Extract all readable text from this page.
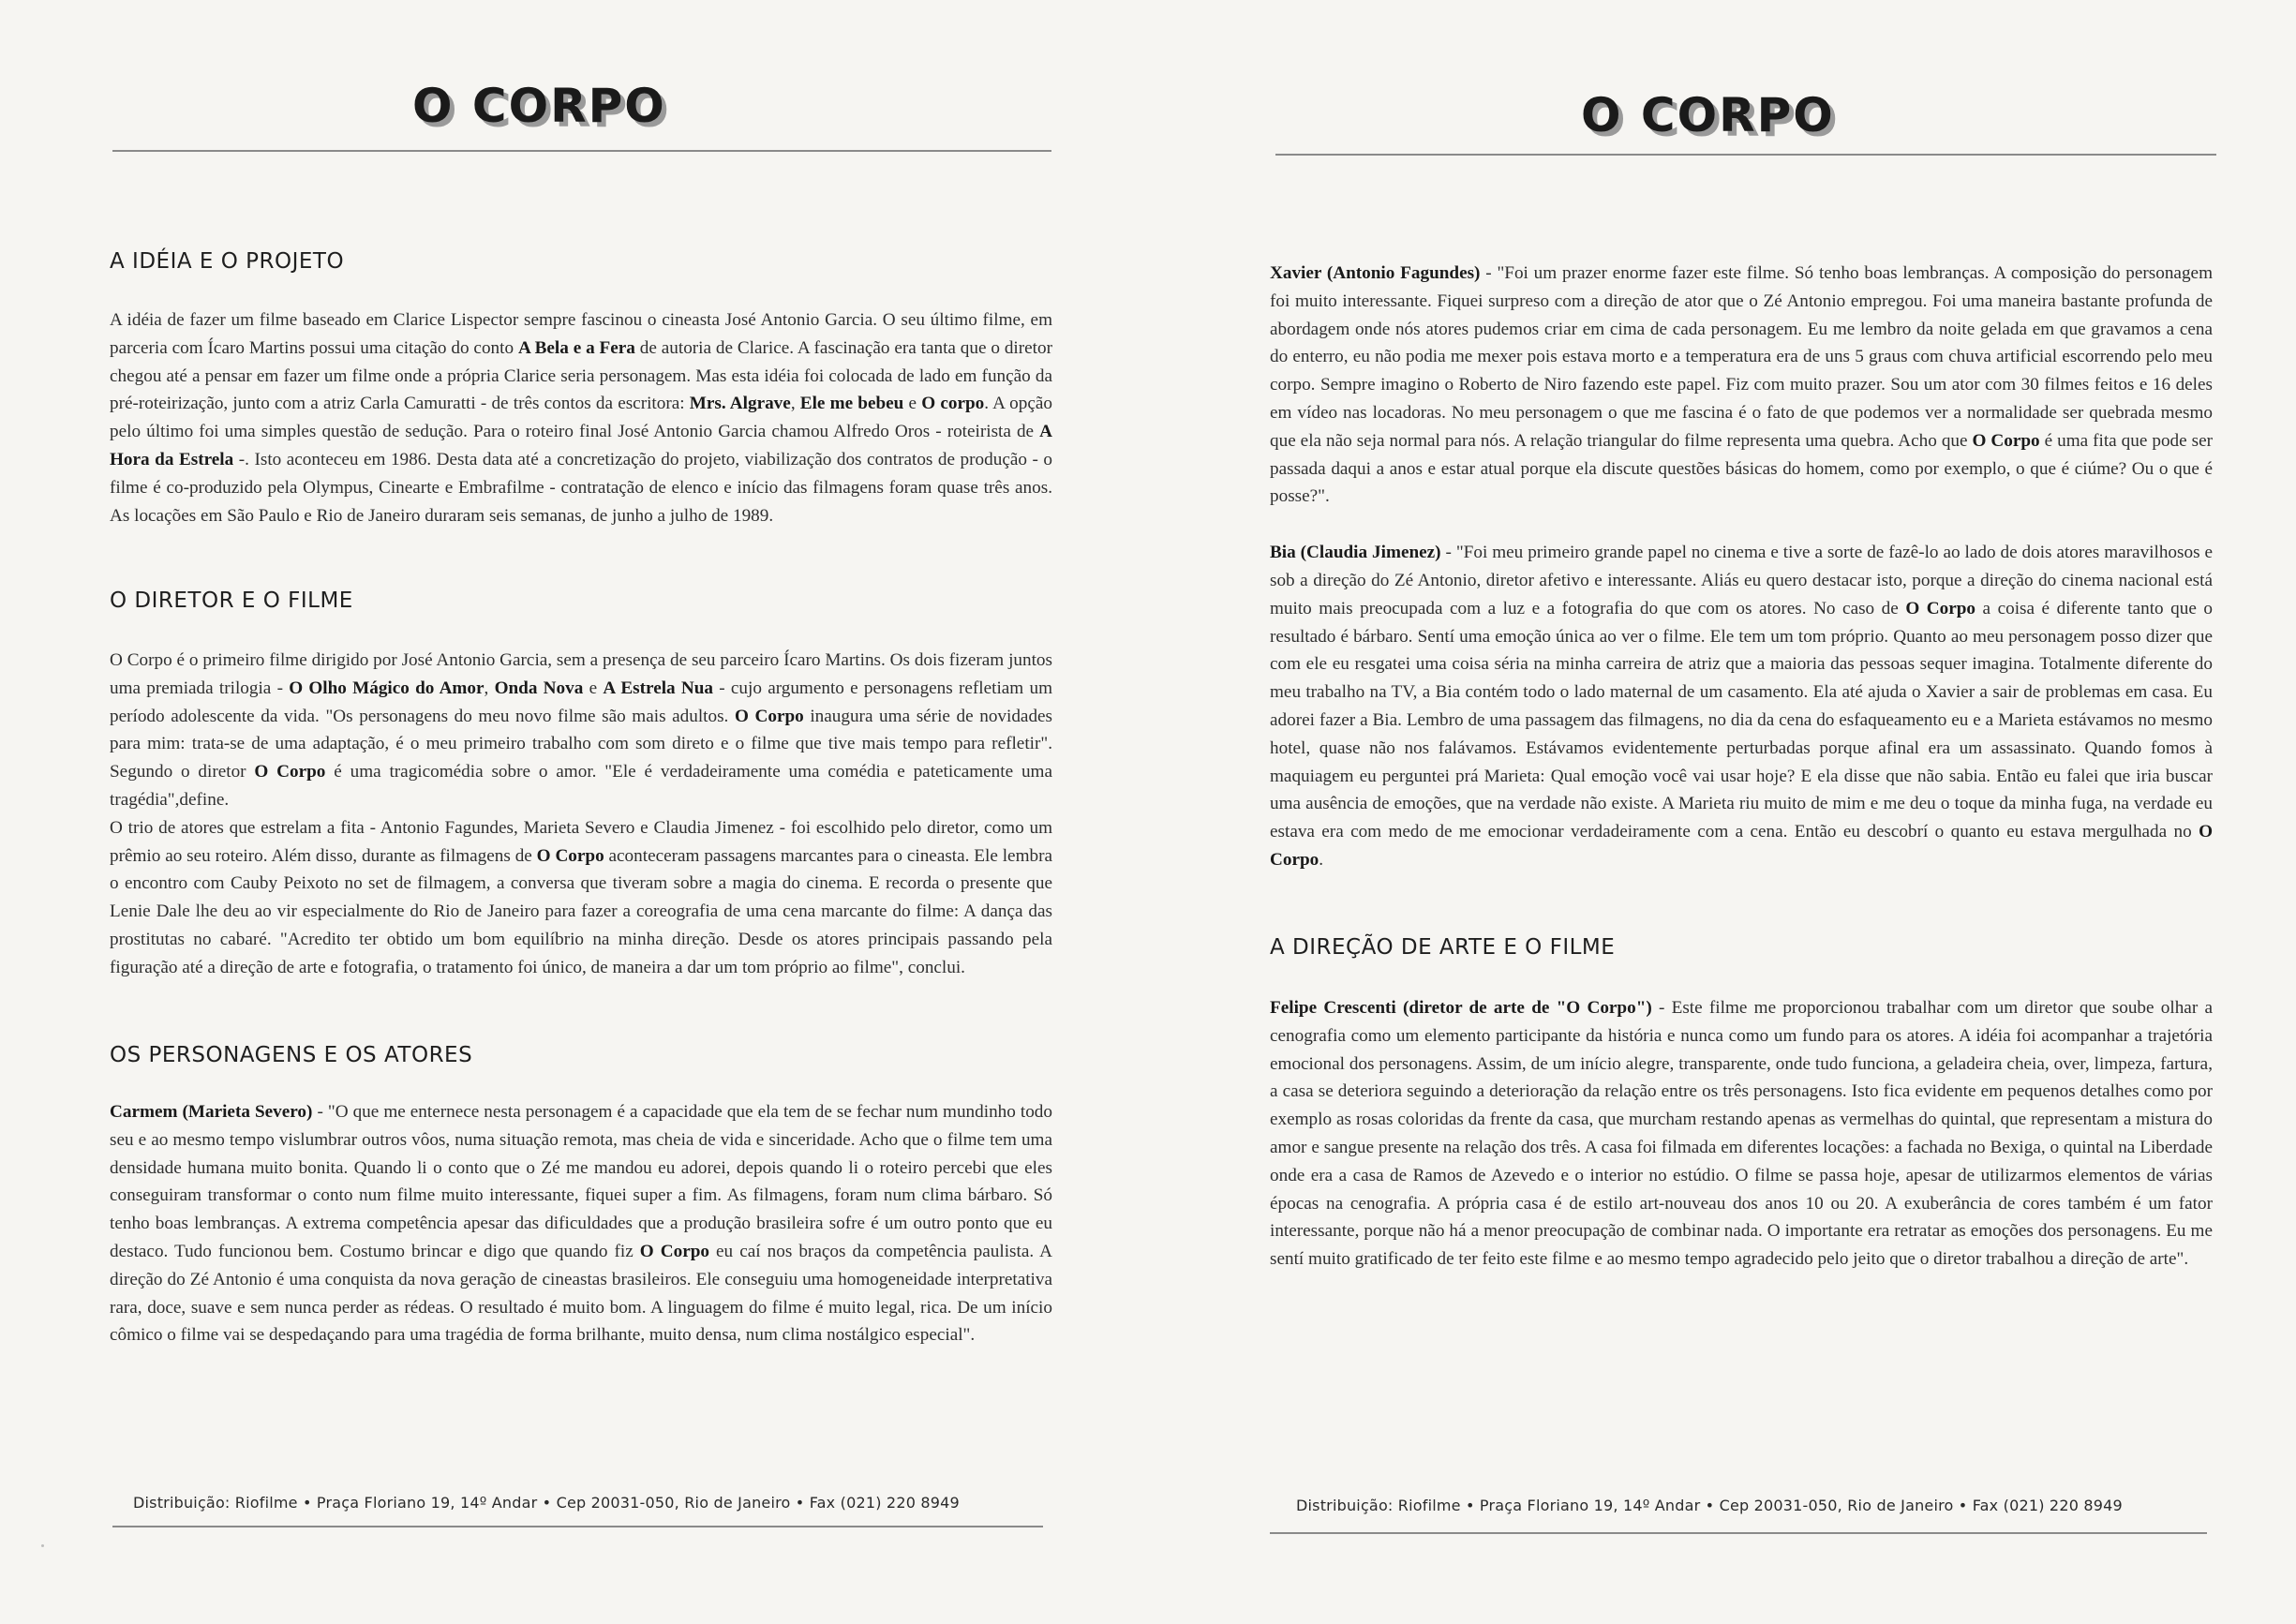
O CORPO
A IDÉIA E O PROJETO

A idéia de fazer um filme baseado em Clarice Lispector sempre fascinou o cineasta José Antonio Garcia. O seu último filme, em parceria com Ícaro Martins possui uma citação do conto A Bela e a Fera de autoria de Clarice. A fascinação era tanta que o diretor chegou até a pensar em fazer um filme onde a própria Clarice seria personagem. Mas esta idéia foi colocada de lado em função da pré-roteirização, junto com a atriz Carla Camuratti - de três contos da escritora: Mrs. Algrave, Ele me bebeu e O corpo. A opção pelo último foi uma simples questão de sedução. Para o roteiro final José Antonio Garcia chamou Alfredo Oros - roteirista de A Hora da Estrela -. Isto aconteceu em 1986. Desta data até a concretização do projeto, viabilização dos contratos de produção - o filme é co-produzido pela Olympus, Cinearte e Embrafilme - contratação de elenco e início das filmagens foram quase três anos. As locações em São Paulo e Rio de Janeiro duraram seis semanas, de junho a julho de 1989.

O DIRETOR E O FILME

O Corpo é o primeiro filme dirigido por José Antonio Garcia, sem a presença de seu parceiro Ícaro Martins. Os dois fizeram juntos uma premiada trilogia - O Olho Mágico do Amor, Onda Nova e A Estrela Nua - cujo argumento e personagens refletiam um período adolescente da vida. "Os personagens do meu novo filme são mais adultos. O Corpo inaugura uma série de novidades para mim: trata-se de uma adaptação, é o meu primeiro trabalho com som direto e o filme que tive mais tempo para refletir". Segundo o diretor O Corpo é uma tragicomédia sobre o amor. "Ele é verdadeiramente uma comédia e pateticamente uma tragédia",define.

O trio de atores que estrelam a fita - Antonio Fagundes, Marieta Severo e Claudia Jimenez - foi escolhido pelo diretor, como um prêmio ao seu roteiro. Além disso, durante as filmagens de O Corpo aconteceram passagens marcantes para o cineasta. Ele lembra o encontro com Cauby Peixoto no set de filmagem, a conversa que tiveram sobre a magia do cinema. E recorda o presente que Lenie Dale lhe deu ao vir especialmente do Rio de Janeiro para fazer a coreografia de uma cena marcante do filme: A dança das prostitutas no cabaré. "Acredito ter obtido um bom equilíbrio na minha direção. Desde os atores principais passando pela figuração até a direção de arte e fotografia, o tratamento foi único, de maneira a dar um tom próprio ao filme", conclui.

OS PERSONAGENS E OS ATORES

Carmem (Marieta Severo) - "O que me enternece nesta personagem é a capacidade que ela tem de se fechar num mundinho todo seu e ao mesmo tempo vislumbrar outros vôos, numa situação remota, mas cheia de vida e sinceridade. Acho que o filme tem uma densidade humana muito bonita. Quando li o conto que o Zé me mandou eu adorei, depois quando li o roteiro percebi que eles conseguiram transformar o conto num filme muito interessante, fiquei super a fim. As filmagens, foram num clima bárbaro. Só tenho boas lembranças. A extrema competência apesar das dificuldades que a produção brasileira sofre é um outro ponto que eu destaco. Tudo funcionou bem. Costumo brincar e digo que quando fiz O Corpo eu caí nos braços da competência paulista. A direção do Zé Antonio é uma conquista da nova geração de cineastas brasileiros. Ele conseguiu uma homogeneidade interpretativa rara, doce, suave e sem nunca perder as rédeas. O resultado é muito bom. A linguagem do filme é muito legal, rica. De um início cômico o filme vai se despedaçando para uma tragédia de forma brilhante, muito densa, num clima nostálgico especial".

Distribuição: Riofilme • Praça Floriano 19, 14º Andar • Cep 20031-050, Rio de Janeiro • Fax (021) 220 8949
O CORPO

Xavier (Antonio Fagundes) - "Foi um prazer enorme fazer este filme. Só tenho boas lembranças. A composição do personagem foi muito interessante. Fiquei surpreso com a direção de ator que o Zé Antonio empregou. Foi uma maneira bastante profunda de abordagem onde nós atores pudemos criar em cima de cada personagem. Eu me lembro da noite gelada em que gravamos a cena do enterro, eu não podia me mexer pois estava morto e a temperatura era de uns 5 graus com chuva artificial escorrendo pelo meu corpo. Sempre imagino o Roberto de Niro fazendo este papel. Fiz com muito prazer. Sou um ator com 30 filmes feitos e 16 deles em vídeo nas locadoras. No meu personagem o que me fascina é o fato de que podemos ver a normalidade ser quebrada mesmo que ela não seja normal para nós. A relação triangular do filme representa uma quebra. Acho que O Corpo é uma fita que pode ser passada daqui a anos e estar atual porque ela discute questões básicas do homem, como por exemplo, o que é ciúme? Ou o que é posse?".

Bia (Claudia Jimenez) - "Foi meu primeiro grande papel no cinema e tive a sorte de fazê-lo ao lado de dois atores maravilhosos e sob a direção do Zé Antonio, diretor afetivo e interessante. Aliás eu quero destacar isto, porque a direção do cinema nacional está muito mais preocupada com a luz e a fotografia do que com os atores. No caso de O Corpo a coisa é diferente tanto que o resultado é bárbaro. Sentí uma emoção única ao ver o filme. Ele tem um tom próprio. Quanto ao meu personagem posso dizer que com ele eu resgatei uma coisa séria na minha carreira de atriz que a maioria das pessoas sequer imagina. Totalmente diferente do meu trabalho na TV, a Bia contém todo o lado maternal de um casamento. Ela até ajuda o Xavier a sair de problemas em casa. Eu adorei fazer a Bia. Lembro de uma passagem das filmagens, no dia da cena do esfaqueamento eu e a Marieta estávamos no mesmo hotel, quase não nos falávamos. Estávamos evidentemente perturbadas porque afinal era um assassinato. Quando fomos à maquiagem eu perguntei prá Marieta: Qual emoção você vai usar hoje? E ela disse que não sabia. Então eu falei que iria buscar uma ausência de emoções, que na verdade não existe. A Marieta riu muito de mim e me deu o toque da minha fuga, na verdade eu estava era com medo de me emocionar verdadeiramente com a cena. Então eu descobrí o quanto eu estava mergulhada no O Corpo.

A DIREÇÃO DE ARTE E O FILME

Felipe Crescenti (diretor de arte de "O Corpo") - Este filme me proporcionou trabalhar com um diretor que soube olhar a cenografia como um elemento participante da história e nunca como um fundo para os atores. A idéia foi acompanhar a trajetória emocional dos personagens. Assim, de um início alegre, transparente, onde tudo funciona, a geladeira cheia, over, limpeza, fartura, a casa se deteriora seguindo a deterioração da relação entre os três personagens. Isto fica evidente em pequenos detalhes como por exemplo as rosas coloridas da frente da casa, que murcham restando apenas as vermelhas do quintal, que representam a mistura do amor e sangue presente na relação dos três. A casa foi filmada em diferentes locações: a fachada no Bexiga, o quintal na Liberdade onde era a casa de Ramos de Azevedo e o interior no estúdio. O filme se passa hoje, apesar de utilizarmos elementos de várias épocas na cenografia. A própria casa é de estilo art-nouveau dos anos 10 ou 20. A exuberância de cores também é um fator interessante, porque não há a menor preocupação de combinar nada. O importante era retratar as emoções dos personagens. Eu me sentí muito gratificado de ter feito este filme e ao mesmo tempo agradecido pelo jeito que o diretor trabalhou a direção de arte".

Distribuição: Riofilme • Praça Floriano 19, 14º Andar • Cep 20031-050, Rio de Janeiro • Fax (021) 220 8949
